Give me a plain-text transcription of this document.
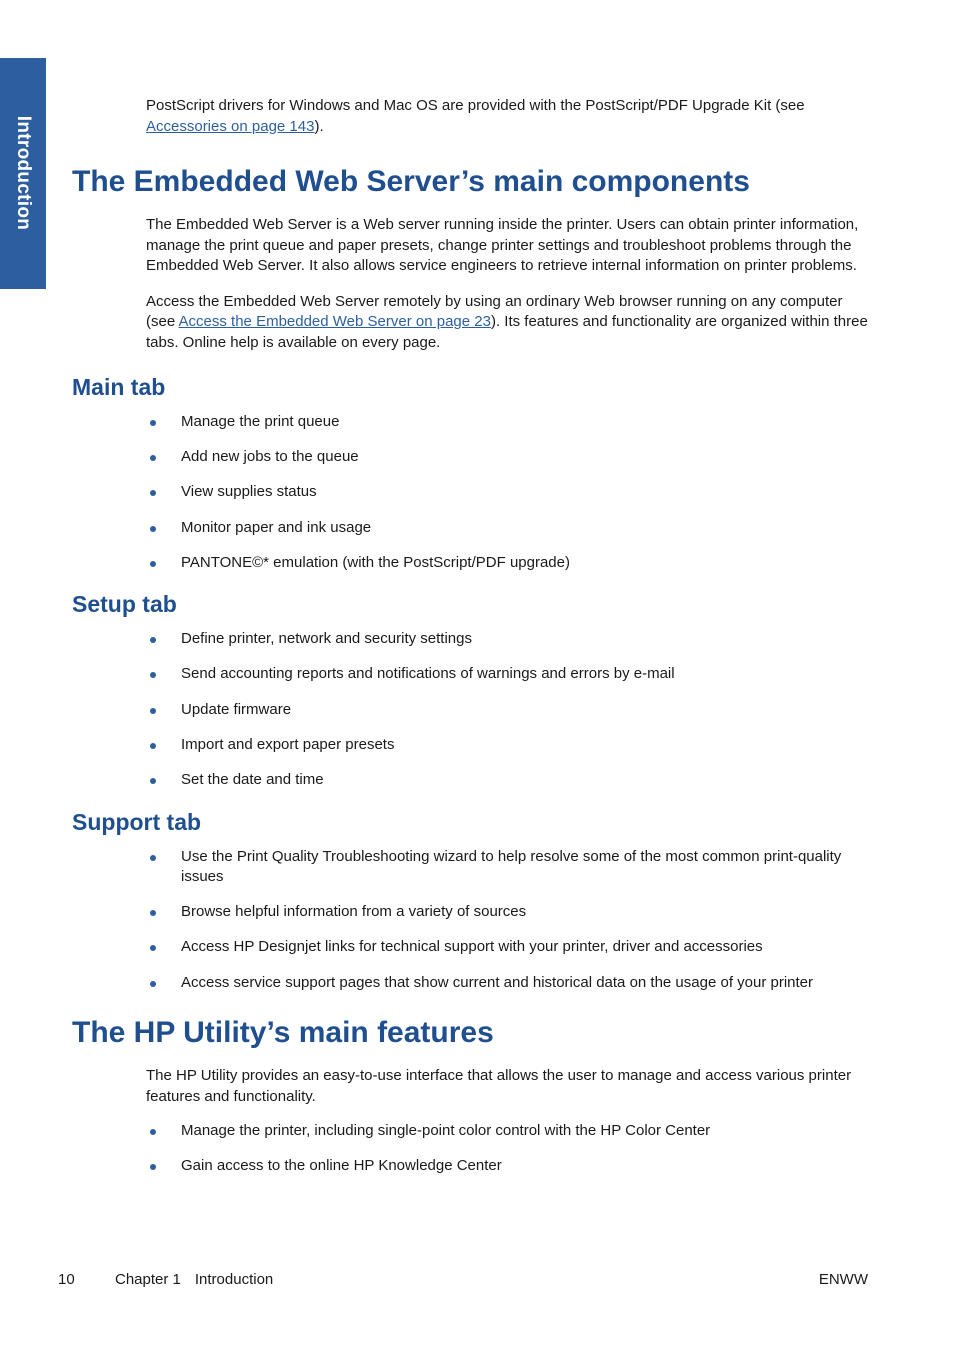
Introduction

PostScript drivers for Windows and Mac OS are provided with the PostScript/PDF Upgrade Kit (see Accessories on page 143).

The Embedded Web Server’s main components

The Embedded Web Server is a Web server running inside the printer. Users can obtain printer information, manage the print queue and paper presets, change printer settings and troubleshoot problems through the Embedded Web Server. It also allows service engineers to retrieve internal information on printer problems.

Access the Embedded Web Server remotely by using an ordinary Web browser running on any computer (see Access the Embedded Web Server on page 23). Its features and functionality are organized within three tabs. Online help is available on every page.

Main tab
Manage the print queue
Add new jobs to the queue
View supplies status
Monitor paper and ink usage
PANTONE©* emulation (with the PostScript/PDF upgrade)
Setup tab
Define printer, network and security settings
Send accounting reports and notifications of warnings and errors by e-mail
Update firmware
Import and export paper presets
Set the date and time
Support tab
Use the Print Quality Troubleshooting wizard to help resolve some of the most common print-quality issues
Browse helpful information from a variety of sources
Access HP Designjet links for technical support with your printer, driver and accessories
Access service support pages that show current and historical data on the usage of your printer
The HP Utility’s main features

The HP Utility provides an easy-to-use interface that allows the user to manage and access various printer features and functionality.

Manage the printer, including single-point color control with the HP Color Center
Gain access to the online HP Knowledge Center
10	Chapter 1 Introduction	ENWW
